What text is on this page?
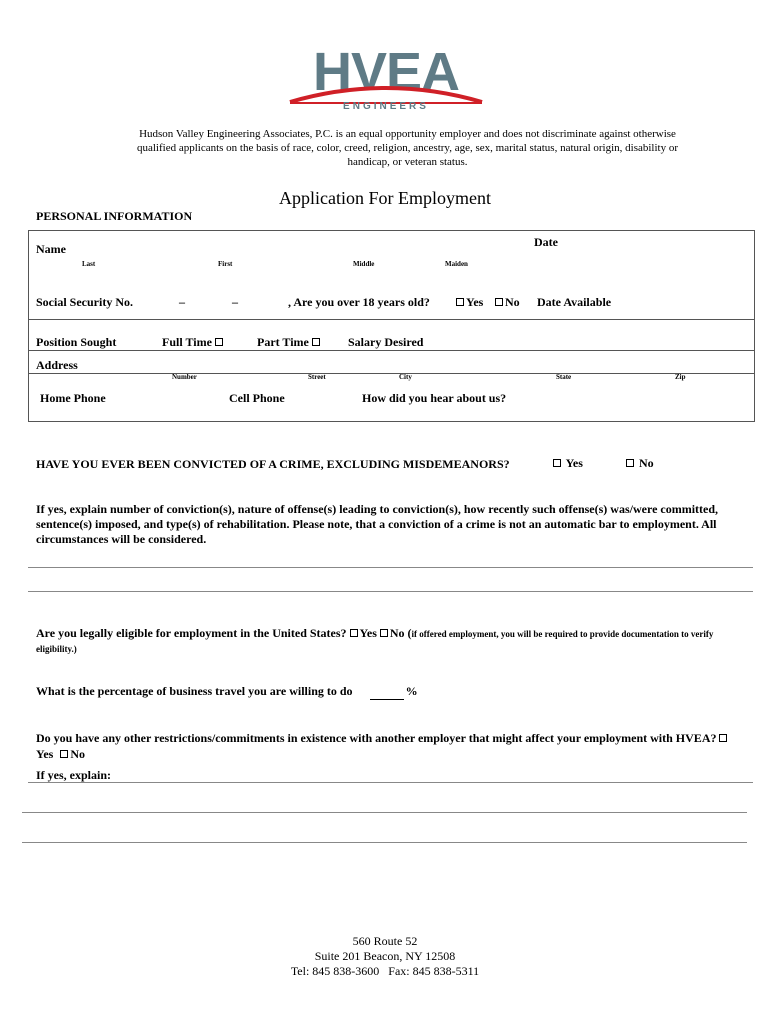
HVEA
ENGINEERS
Hudson Valley Engineering Associates, P.C. is an equal opportunity employer and does not discriminate against otherwise qualified applicants on the basis of race, color, creed, religion, ancestry, age, sex, marital status, natural origin, disability or handicap, or veteran status.
Application For Employment
PERSONAL INFORMATION
Name	Date
Last	First	Middle	Maiden
Social Security No.	–	–	, Are you over 18 years old?	Yes	No Date Available
Position Sought	Full Time	Part Time	Salary Desired
Address
Number	Street	City	State	Zip
Home Phone	Cell Phone	How did you hear about us?
HAVE YOU EVER BEEN CONVICTED OF A CRIME, EXCLUDING MISDEMEANORS?	Yes	No
If yes, explain number of conviction(s), nature of offense(s) leading to conviction(s), how recently such offense(s) was/were committed, sentence(s) imposed, and type(s) of rehabilitation. Please note, that a conviction of a crime is not an automatic bar to employment. All circumstances will be considered.
Are you legally eligible for employment in the United States? Yes No (if offered employment, you will be required to provide documentation to verify eligibility.)
What is the percentage of business travel you are willing to do	%
Do you have any other restrictions/commitments in existence with another employer that might affect your employment with HVEA? Yes No
If yes, explain:
560 Route 52
Suite 201 Beacon, NY 12508
Tel: 845 838-3600   Fax: 845 838-5311
